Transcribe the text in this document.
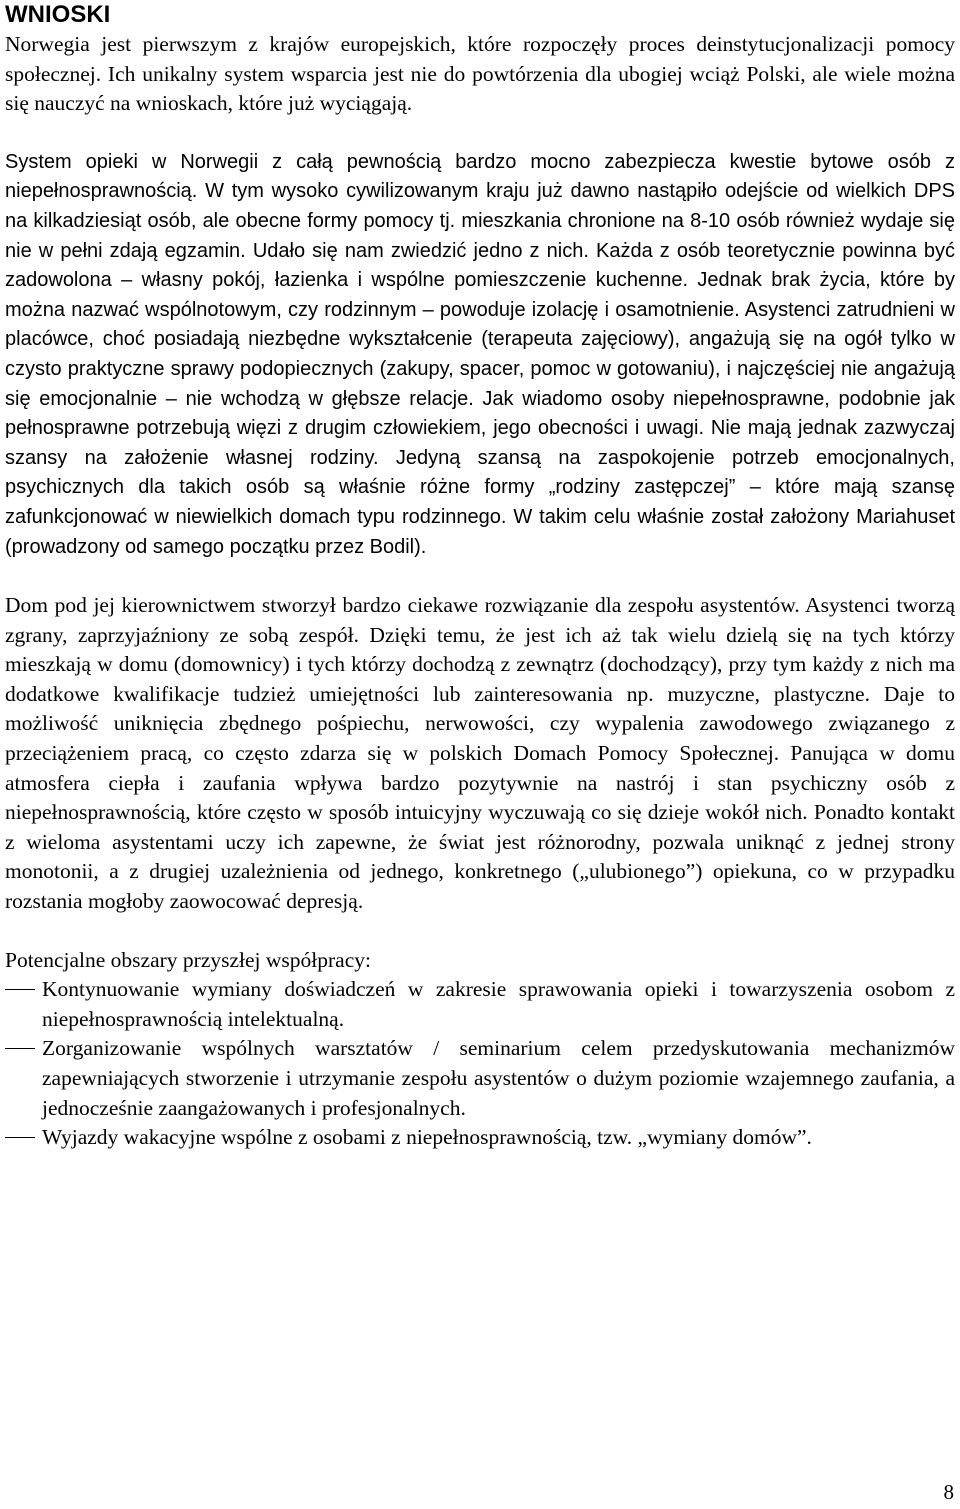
WNIOSKI

Norwegia jest pierwszym z krajów europejskich, które rozpoczęły proces deinstytucjonalizacji pomocy społecznej. Ich unikalny system wsparcia jest nie do powtórzenia dla ubogiej wciąż Polski, ale wiele można się nauczyć na wnioskach, które już wyciągają.

System opieki w Norwegii z całą pewnością bardzo mocno zabezpiecza kwestie bytowe osób z niepełnosprawnością. W tym wysoko cywilizowanym kraju już dawno nastąpiło odejście od wielkich DPS na kilkadziesiąt osób, ale obecne formy pomocy tj. mieszkania chronione na 8-10 osób również wydaje się nie w pełni zdają egzamin. Udało się nam zwiedzić jedno z nich. Każda z osób teoretycznie powinna być zadowolona – własny pokój, łazienka i wspólne pomieszczenie kuchenne. Jednak brak życia, które by można nazwać wspólnotowym, czy rodzinnym – powoduje izolację i osamotnienie. Asystenci zatrudnieni w placówce, choć posiadają niezbędne wykształcenie (terapeuta zajęciowy), angażują się na ogół tylko w czysto praktyczne sprawy podopiecznych (zakupy, spacer, pomoc w gotowaniu), i najczęściej nie angażują się emocjonalnie – nie wchodzą w głębsze relacje. Jak wiadomo osoby niepełnosprawne, podobnie jak pełnosprawne potrzebują więzi z drugim człowiekiem, jego obecności i uwagi. Nie mają jednak zazwyczaj szansy na założenie własnej rodziny. Jedyną szansą na zaspokojenie potrzeb emocjonalnych, psychicznych dla takich osób są właśnie różne formy „rodziny zastępczej” – które mają szansę zafunkcjonować w niewielkich domach typu rodzinnego. W takim celu właśnie został założony Mariahuset (prowadzony od samego początku przez Bodil).

Dom pod jej kierownictwem stworzył bardzo ciekawe rozwiązanie dla zespołu asystentów. Asystenci tworzą zgrany, zaprzyjaźniony ze sobą zespół. Dzięki temu, że jest ich aż tak wielu dzielą się na tych którzy mieszkają w domu (domownicy) i tych którzy dochodzą z zewnątrz (dochodzący), przy tym każdy z nich ma dodatkowe kwalifikacje tudzież umiejętności lub zainteresowania np. muzyczne, plastyczne. Daje to możliwość uniknięcia zbędnego pośpiechu, nerwowości, czy wypalenia zawodowego związanego z przeciążeniem pracą, co często zdarza się w polskich Domach Pomocy Społecznej. Panująca w domu atmosfera ciepła i zaufania wpływa bardzo pozytywnie na nastrój i stan psychiczny osób z niepełnosprawnością, które często w sposób intuicyjny wyczuwają co się dzieje wokół nich. Ponadto kontakt z wieloma asystentami uczy ich zapewne, że świat jest różnorodny, pozwala uniknąć z jednej strony monotonii, a z drugiej uzależnienia od jednego, konkretnego („ulubionego”) opiekuna, co w przypadku rozstania mogłoby zaowocować depresją.

Potencjalne obszary przyszłej współpracy:

Kontynuowanie wymiany doświadczeń w zakresie sprawowania opieki i towarzyszenia osobom z niepełnosprawnością intelektualną.
Zorganizowanie wspólnych warsztatów / seminarium celem przedyskutowania mechanizmów zapewniających stworzenie i utrzymanie zespołu asystentów o dużym poziomie wzajemnego zaufania, a jednocześnie zaangażowanych i profesjonalnych.
Wyjazdy wakacyjne wspólne z osobami z niepełnosprawnością, tzw. „wymiany domów”.
8
